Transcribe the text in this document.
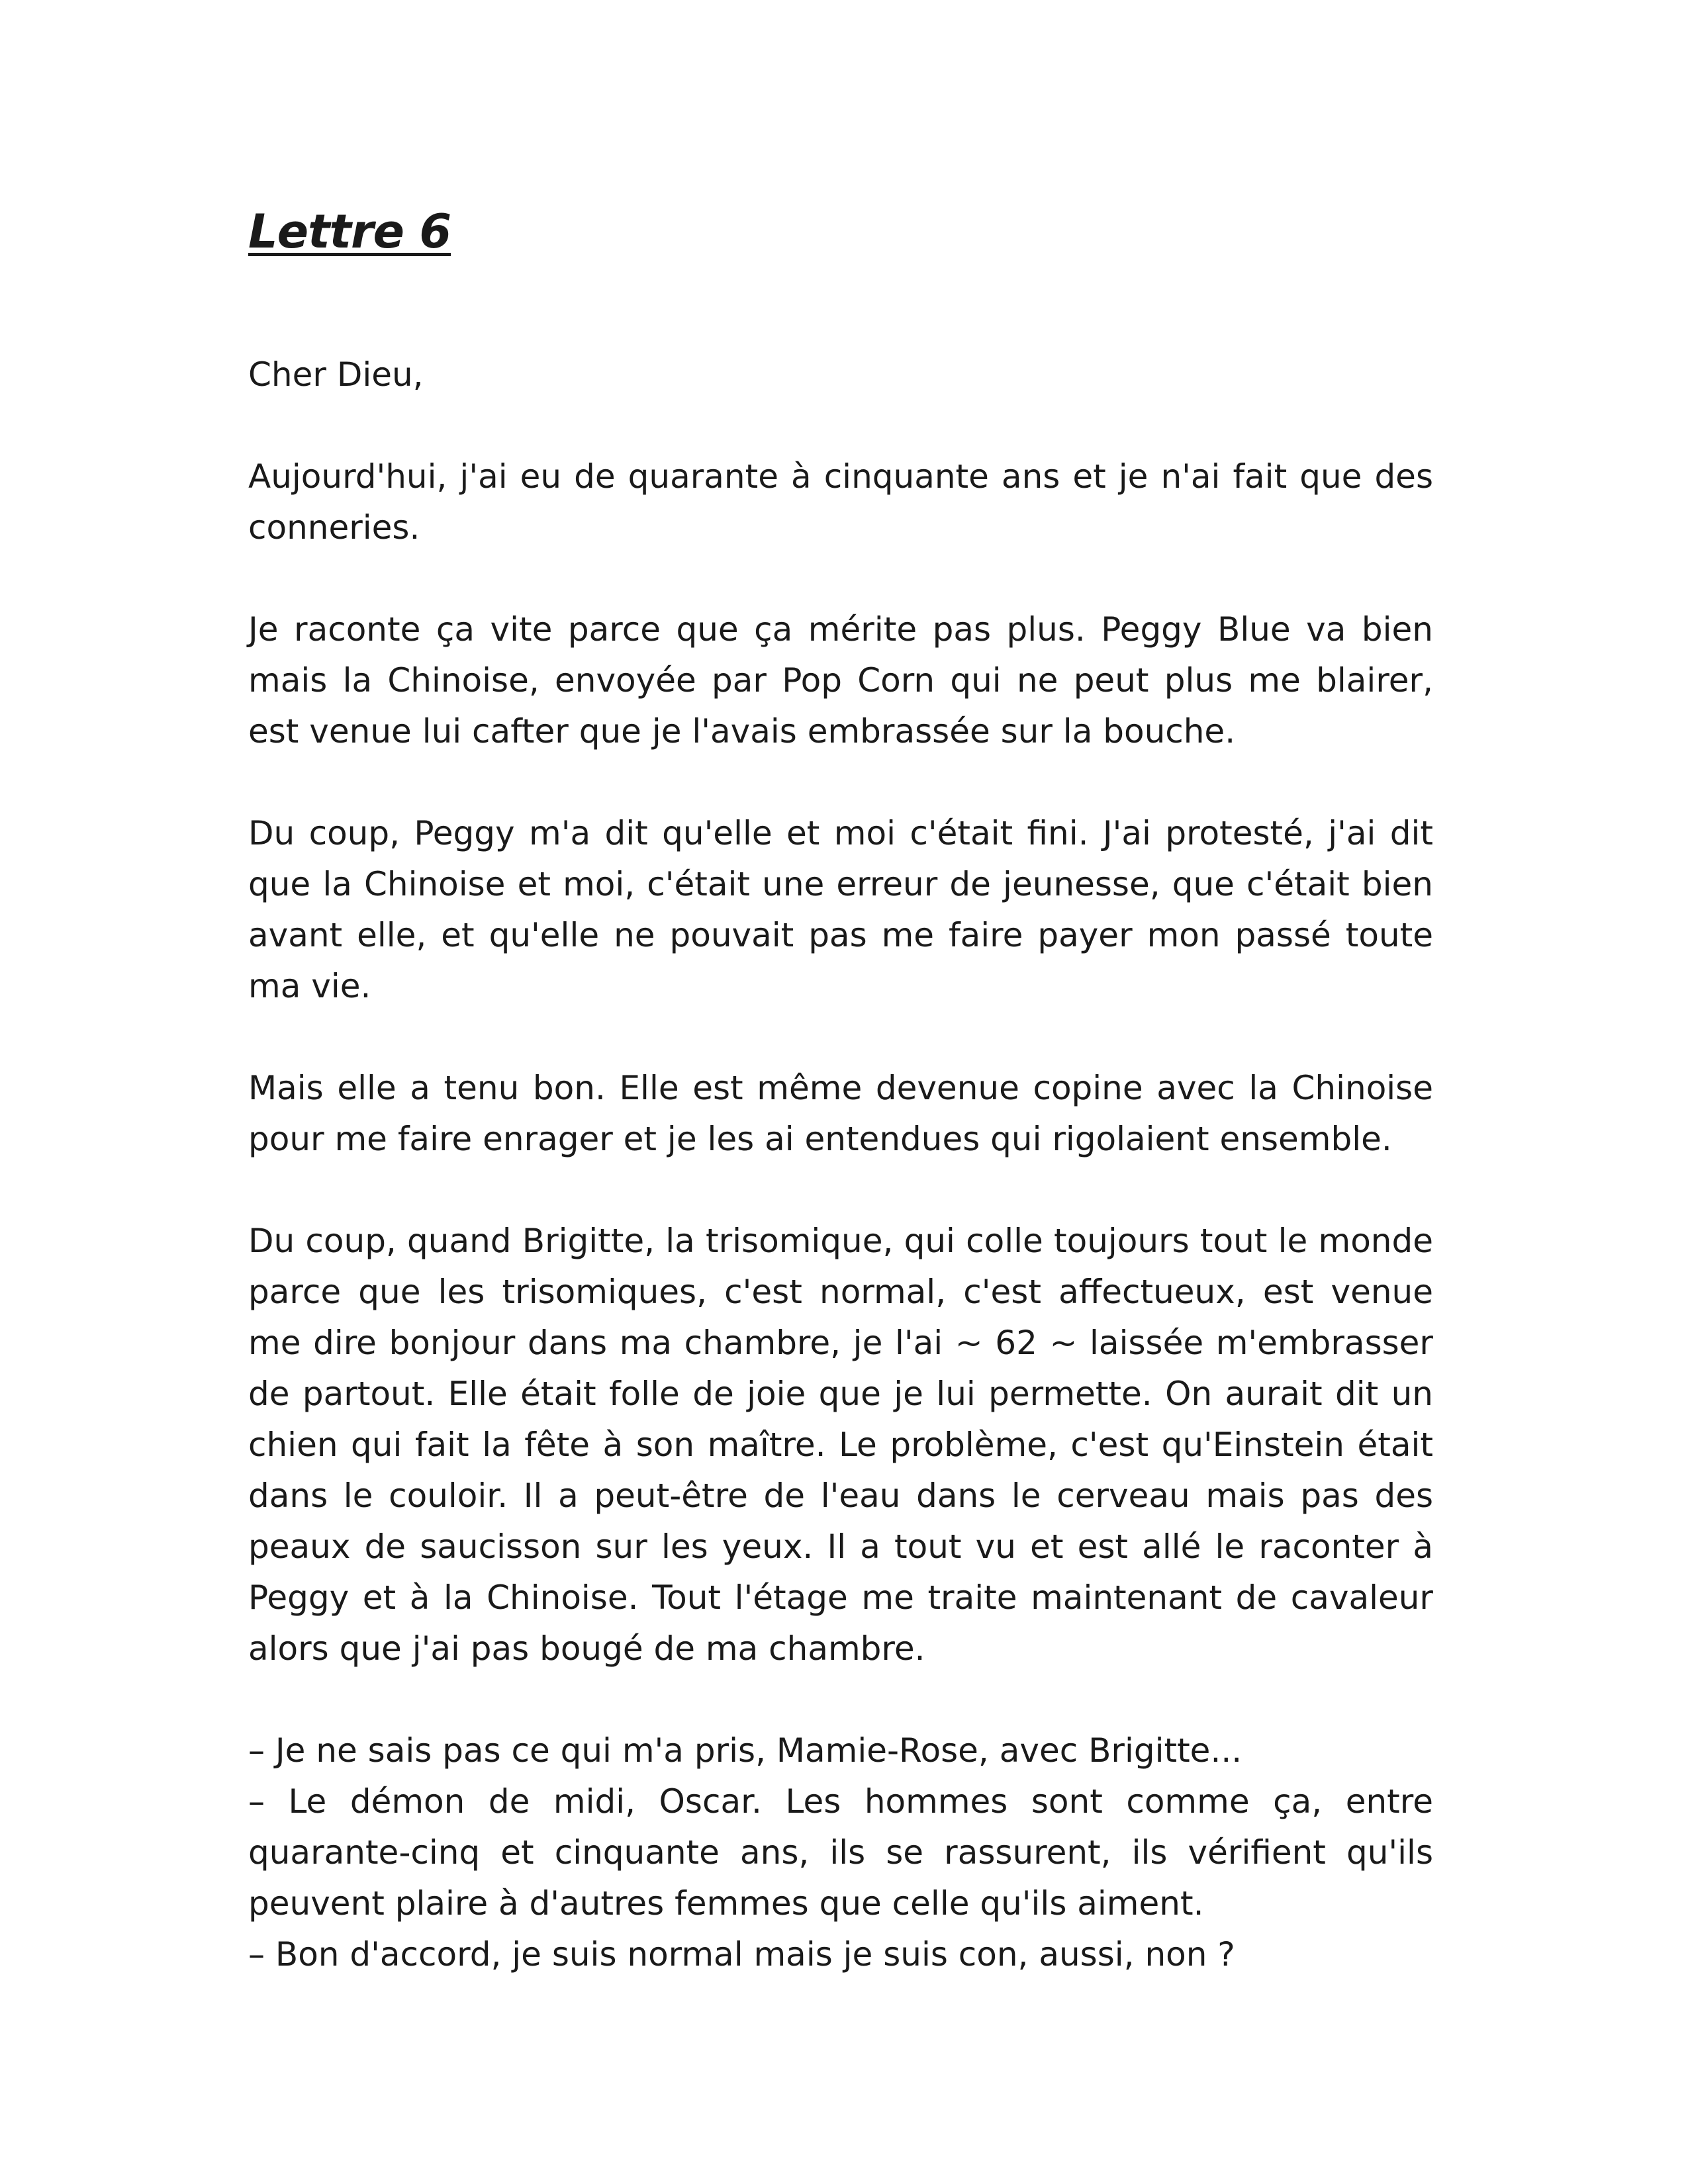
Lettre 6
Cher Dieu,

Aujourd'hui, j'ai eu de quarante à cinquante ans et je n'ai fait que des conneries.

Je raconte ça vite parce que ça mérite pas plus. Peggy Blue va bien mais la Chinoise, envoyée par Pop Corn qui ne peut plus me blairer, est venue lui cafter que je l'avais embrassée sur la bouche.

Du coup, Peggy m'a dit qu'elle et moi c'était fini. J'ai protesté, j'ai dit que la Chinoise et moi, c'était une erreur de jeunesse, que c'était bien avant elle, et qu'elle ne pouvait pas me faire payer mon passé toute ma vie.

Mais elle a tenu bon. Elle est même devenue copine avec la Chinoise pour me faire enrager et je les ai entendues qui rigolaient ensemble.

Du coup, quand Brigitte, la trisomique, qui colle toujours tout le monde parce que les trisomiques, c'est normal, c'est affectueux, est venue me dire bonjour dans ma chambre, je l'ai ~ 62 ~ laissée m'embrasser de partout. Elle était folle de joie que je lui permette. On aurait dit un chien qui fait la fête à son maître. Le problème, c'est qu'Einstein était dans le couloir. Il a peut-être de l'eau dans le cerveau mais pas des peaux de saucisson sur les yeux. Il a tout vu et est allé le raconter à Peggy et à la Chinoise. Tout l'étage me traite maintenant de cavaleur alors que j'ai pas bougé de ma chambre.

– Je ne sais pas ce qui m'a pris, Mamie-Rose, avec Brigitte...

– Le démon de midi, Oscar. Les hommes sont comme ça, entre quarante-cinq et cinquante ans, ils se rassurent, ils vérifient qu'ils peuvent plaire à d'autres femmes que celle qu'ils aiment.

– Bon d'accord, je suis normal mais je suis con, aussi, non ?
